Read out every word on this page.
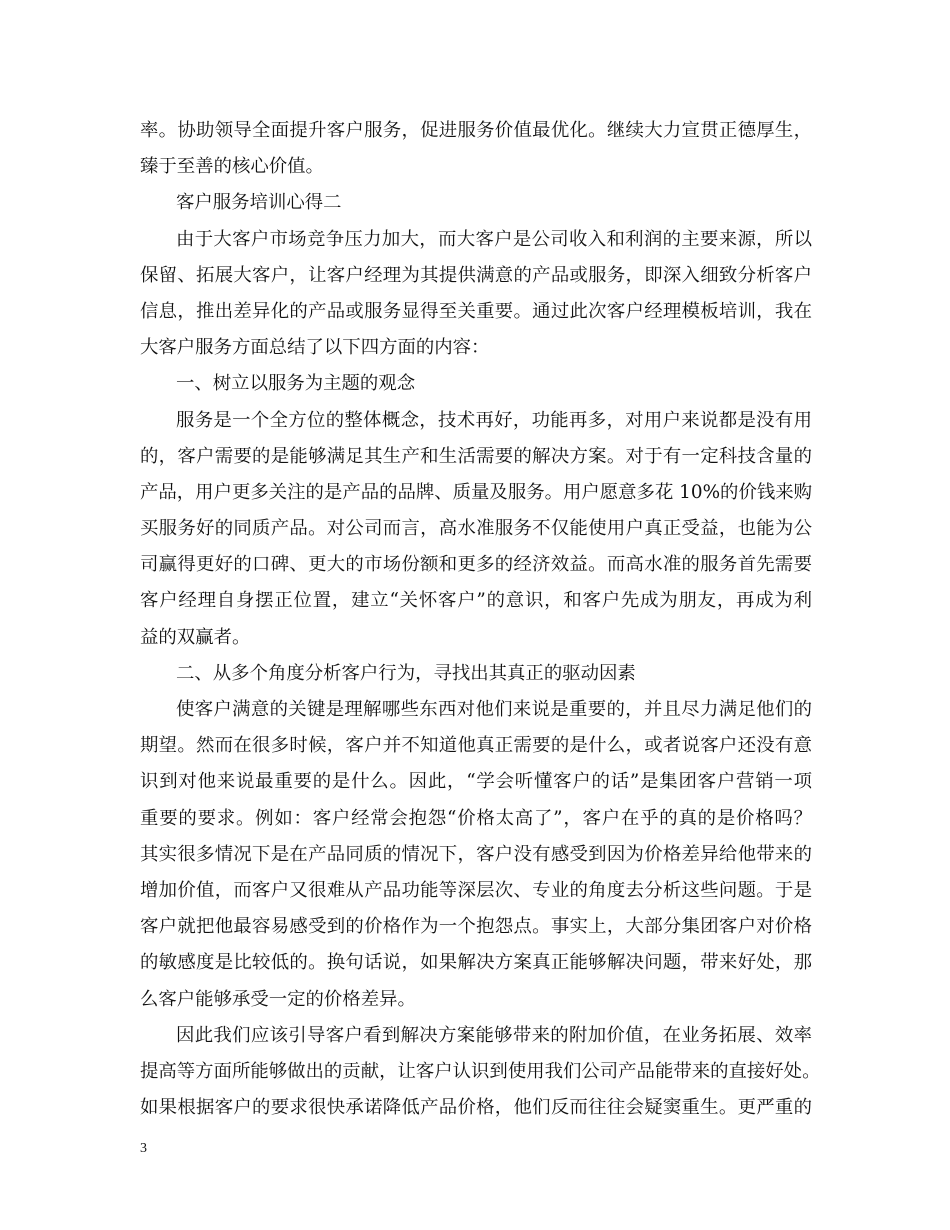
率。协助领导全面提升客户服务，促进服务价值最优化。继续大力宣贯正德厚生，
臻于至善的核心价值。
客户服务培训心得二
由于大客户市场竞争压力加大，而大客户是公司收入和利润的主要来源，所以
保留、拓展大客户，让客户经理为其提供满意的产品或服务，即深入细致分析客户
信息，推出差异化的产品或服务显得至关重要。通过此次客户经理模板培训，我在
大客户服务方面总结了以下四方面的内容：
一、树立以服务为主题的观念
服务是一个全方位的整体概念，技术再好，功能再多，对用户来说都是没有用
的，客户需要的是能够满足其生产和生活需要的解决方案。对于有一定科技含量的
产品，用户更多关注的是产品的品牌、质量及服务。用户愿意多花 10%的价钱来购
买服务好的同质产品。对公司而言，高水准服务不仅能使用户真正受益，也能为公
司赢得更好的口碑、更大的市场份额和更多的经济效益。而高水准的服务首先需要
客户经理自身摆正位置，建立“关怀客户”的意识，和客户先成为朋友，再成为利
益的双赢者。
二、从多个角度分析客户行为，寻找出其真正的驱动因素
使客户满意的关键是理解哪些东西对他们来说是重要的，并且尽力满足他们的
期望。然而在很多时候，客户并不知道他真正需要的是什么，或者说客户还没有意
识到对他来说最重要的是什么。因此，“学会听懂客户的话”是集团客户营销一项
重要的要求。例如：客户经常会抱怨“价格太高了”，客户在乎的真的是价格吗？
其实很多情况下是在产品同质的情况下，客户没有感受到因为价格差异给他带来的
增加价值，而客户又很难从产品功能等深层次、专业的角度去分析这些问题。于是
客户就把他最容易感受到的价格作为一个抱怨点。事实上，大部分集团客户对价格
的敏感度是比较低的。换句话说，如果解决方案真正能够解决问题，带来好处，那
么客户能够承受一定的价格差异。
因此我们应该引导客户看到解决方案能够带来的附加价值，在业务拓展、效率
提高等方面所能够做出的贡献，让客户认识到使用我们公司产品能带来的直接好处。
如果根据客户的要求很快承诺降低产品价格，他们反而往往会疑窦重生。更严重的
3
